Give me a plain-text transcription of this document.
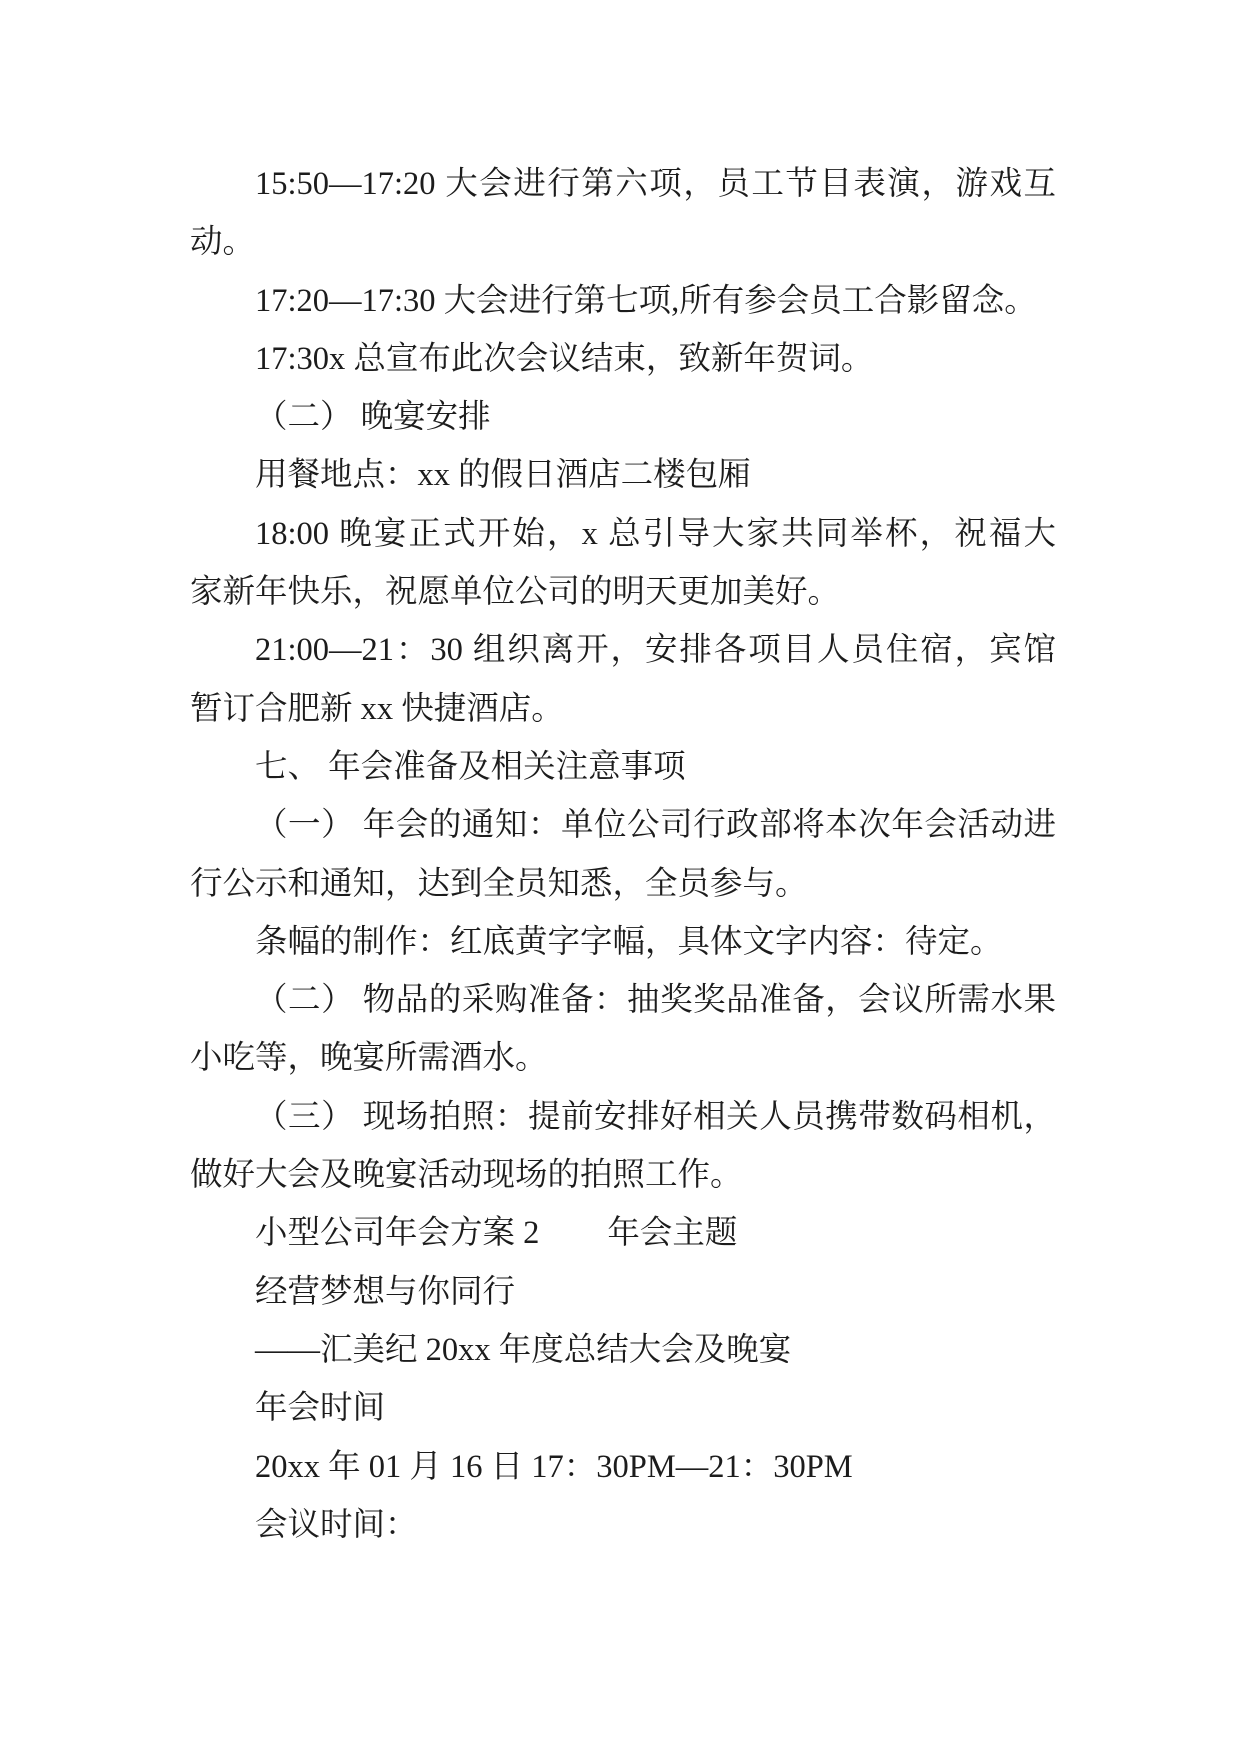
15:50—17:20 大会进行第六项，员工节目表演，游戏互
动。
17:20—17:30 大会进行第七项,所有参会员工合影留念。
17:30x 总宣布此次会议结束，致新年贺词。
（二） 晚宴安排
用餐地点：xx 的假日酒店二楼包厢
18:00 晚宴正式开始，x 总引导大家共同举杯，祝福大
家新年快乐，祝愿单位公司的明天更加美好。
21:00—21：30 组织离开，安排各项目人员住宿，宾馆
暂订合肥新 xx 快捷酒店。
七、 年会准备及相关注意事项
（一） 年会的通知：单位公司行政部将本次年会活动进
行公示和通知，达到全员知悉，全员参与。
条幅的制作：红底黄字字幅，具体文字内容：待定。
（二） 物品的采购准备：抽奖奖品准备，会议所需水果
小吃等，晚宴所需酒水。
（三） 现场拍照：提前安排好相关人员携带数码相机，
做好大会及晚宴活动现场的拍照工作。
小型公司年会方案 2 年会主题
经营梦想与你同行
——汇美纪 20xx 年度总结大会及晚宴
年会时间
20xx 年 01 月 16 日 17：30PM—21：30PM
会议时间：
